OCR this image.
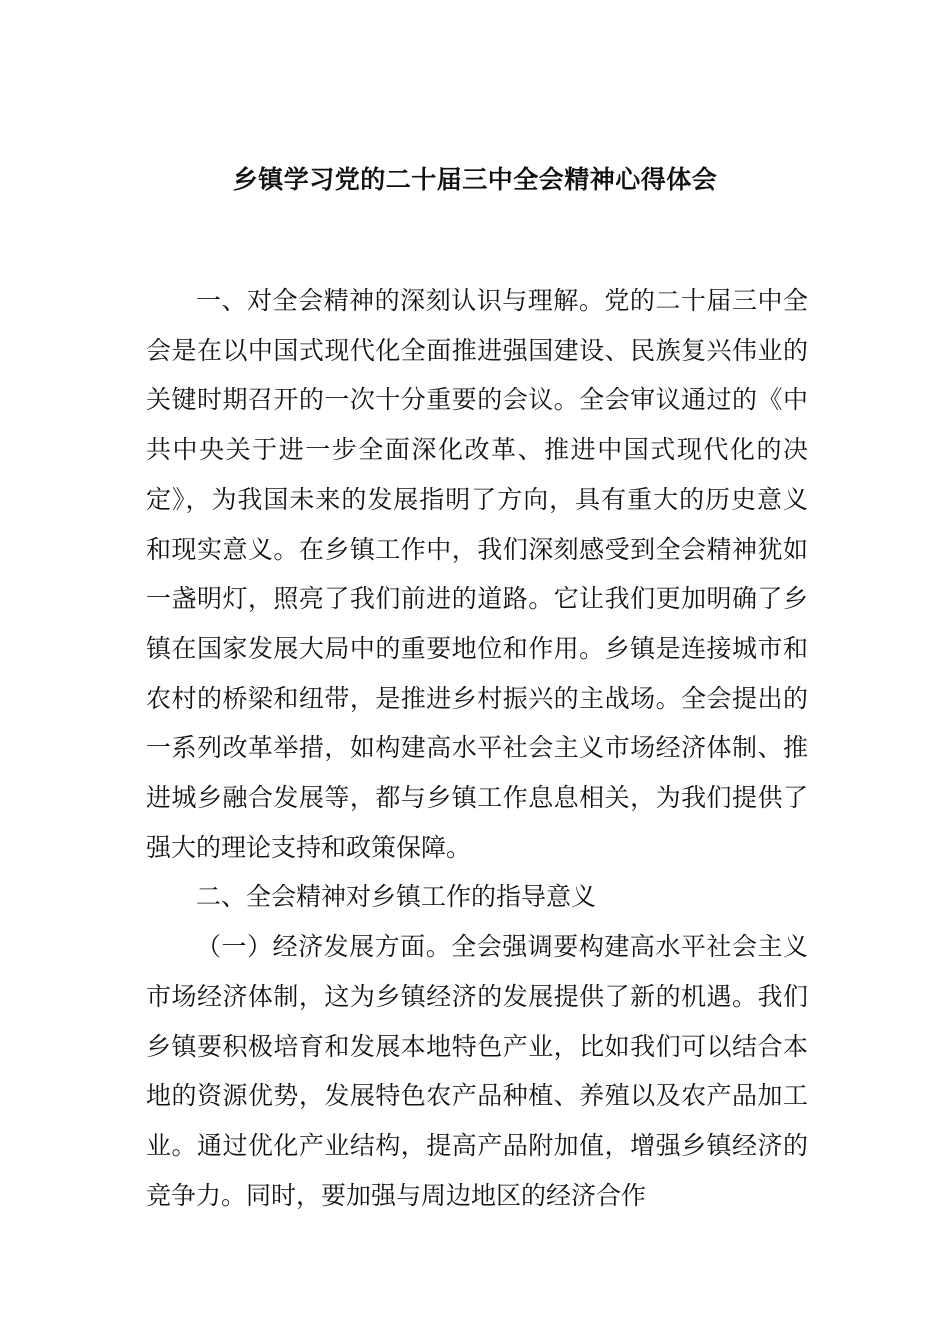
乡镇学习党的二十届三中全会精神心得体会

一、对全会精神的深刻认识与理解。党的二十届三中全会是在以中国式现代化全面推进强国建设、民族复兴伟业的关键时期召开的一次十分重要的会议。全会审议通过的《中共中央关于进一步全面深化改革、推进中国式现代化的决定》，为我国未来的发展指明了方向，具有重大的历史意义和现实意义。在乡镇工作中，我们深刻感受到全会精神犹如一盏明灯，照亮了我们前进的道路。它让我们更加明确了乡镇在国家发展大局中的重要地位和作用。乡镇是连接城市和农村的桥梁和纽带，是推进乡村振兴的主战场。全会提出的一系列改革举措，如构建高水平社会主义市场经济体制、推进城乡融合发展等，都与乡镇工作息息相关，为我们提供了强大的理论支持和政策保障。

二、全会精神对乡镇工作的指导意义

（一）经济发展方面。全会强调要构建高水平社会主义市场经济体制，这为乡镇经济的发展提供了新的机遇。我们乡镇要积极培育和发展本地特色产业，比如我们可以结合本地的资源优势，发展特色农产品种植、养殖以及农产品加工业。通过优化产业结构，提高产品附加值，增强乡镇经济的竞争力。同时，要加强与周边地区的经济合作
